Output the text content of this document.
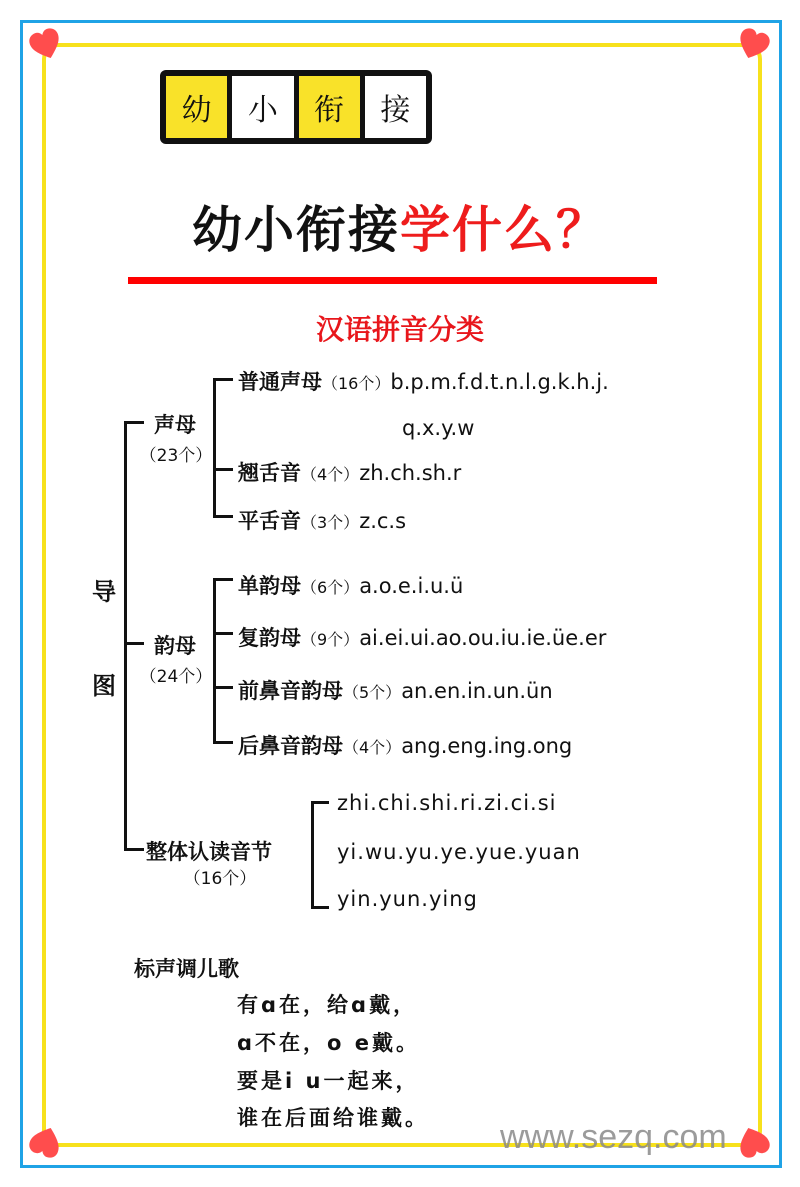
幼	小	衔	接
幼小衔接学什么？
汉语拼音分类
导
图
声母
（23个）
普通声母（16个）b.p.m.f.d.t.n.l.g.k.h.j.
q.x.y.w
翘舌音（4个）zh.ch.sh.r
平舌音（3个）z.c.s
韵母
（24个）
单韵母（6个）a.o.e.i.u.ü
复韵母（9个）ai.ei.ui.ao.ou.iu.ie.üe.er
前鼻音韵母（5个）an.en.in.un.ün
后鼻音韵母（4个）ang.eng.ing.ong
整体认读音节
（16个）
zhi.chi.shi.ri.zi.ci.si
yi.wu.yu.ye.yue.yuan
yin.yun.ying
标声调儿歌
有ɑ在，给ɑ戴，
ɑ不在，o e戴。
要是i u一起来，
谁在后面给谁戴。 www.sezq.com
